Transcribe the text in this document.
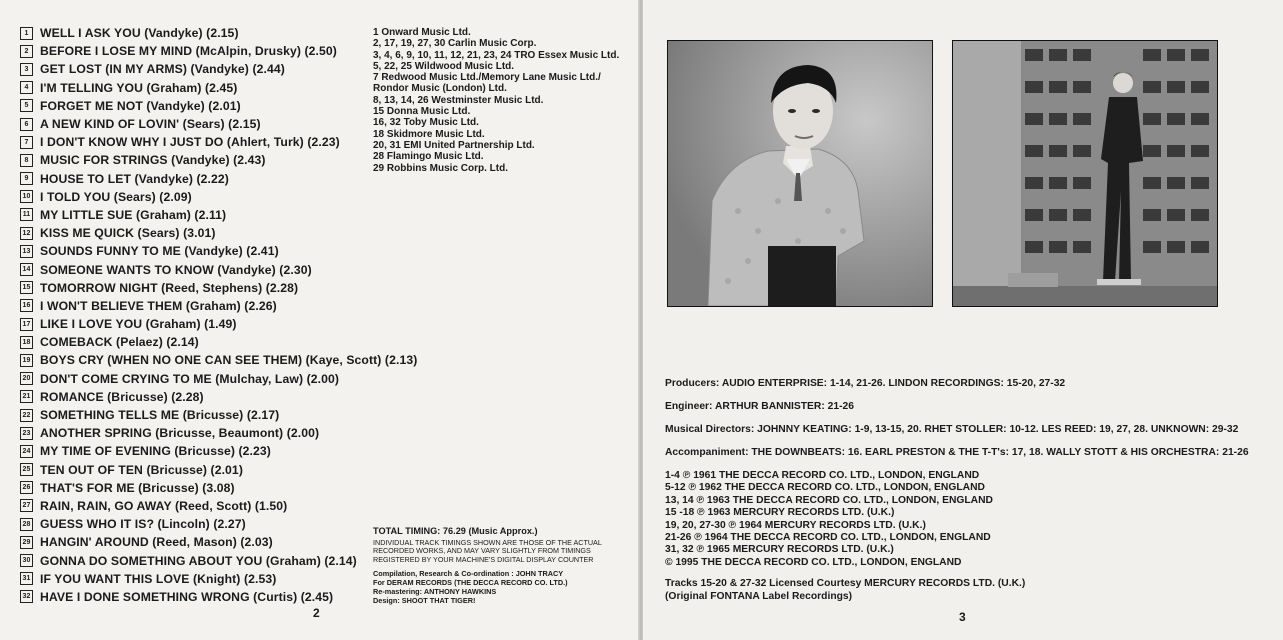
1 WELL I ASK YOU (Vandyke) (2.15)
2 BEFORE I LOSE MY MIND (McAlpin, Drusky) (2.50)
3 GET LOST (IN MY ARMS) (Vandyke) (2.44)
4 I'M TELLING YOU (Graham) (2.45)
5 FORGET ME NOT (Vandyke) (2.01)
6 A NEW KIND OF LOVIN' (Sears) (2.15)
7 I DON'T KNOW WHY I JUST DO (Ahlert, Turk) (2.23)
8 MUSIC FOR STRINGS (Vandyke) (2.43)
9 HOUSE TO LET (Vandyke) (2.22)
10 I TOLD YOU (Sears) (2.09)
11 MY LITTLE SUE (Graham) (2.11)
12 KISS ME QUICK (Sears) (3.01)
13 SOUNDS FUNNY TO ME (Vandyke) (2.41)
14 SOMEONE WANTS TO KNOW (Vandyke) (2.30)
15 TOMORROW NIGHT (Reed, Stephens) (2.28)
16 I WON'T BELIEVE THEM (Graham) (2.26)
17 LIKE I LOVE YOU (Graham) (1.49)
18 COMEBACK (Pelaez) (2.14)
19 BOYS CRY (WHEN NO ONE CAN SEE THEM) (Kaye, Scott) (2.13)
20 DON'T COME CRYING TO ME (Mulchay, Law) (2.00)
21 ROMANCE (Bricusse) (2.28)
22 SOMETHING TELLS ME (Bricusse) (2.17)
23 ANOTHER SPRING (Bricusse, Beaumont) (2.00)
24 MY TIME OF EVENING (Bricusse) (2.23)
25 TEN OUT OF TEN (Bricusse) (2.01)
26 THAT'S FOR ME (Bricusse) (3.08)
27 RAIN, RAIN, GO AWAY (Reed, Scott) (1.50)
28 GUESS WHO IT IS? (Lincoln) (2.27)
29 HANGIN' AROUND (Reed, Mason) (2.03)
30 GONNA DO SOMETHING ABOUT YOU (Graham) (2.14)
31 IF YOU WANT THIS LOVE (Knight) (2.53)
32 HAVE I DONE SOMETHING WRONG (Curtis) (2.45)
1 Onward Music Ltd.
2, 17, 19, 27, 30 Carlin Music Corp.
3, 4, 6, 9, 10, 11, 12, 21, 23, 24 TRO Essex Music Ltd.
5, 22, 25 Wildwood Music Ltd.
7 Redwood Music Ltd./Memory Lane Music Ltd./
Rondor Music (London) Ltd.
8, 13, 14, 26 Westminster Music Ltd.
15 Donna Music Ltd.
16, 32 Toby Music Ltd.
18 Skidmore Music Ltd.
20, 31 EMI United Partnership Ltd.
28 Flamingo Music Ltd.
29 Robbins Music Corp. Ltd.
TOTAL TIMING: 76.29 (Music Approx.)
INDIVIDUAL TRACK TIMINGS SHOWN ARE THOSE OF THE ACTUAL RECORDED WORKS, AND MAY VARY SLIGHTLY FROM TIMINGS REGISTERED BY YOUR MACHINE'S DIGITAL DISPLAY COUNTER
Compilation, Research & Co-ordination : JOHN TRACY
For DERAM RECORDS (THE DECCA RECORD CO. LTD.)
Re-mastering: ANTHONY HAWKINS
Design: SHOOT THAT TIGER!
2
Producers: AUDIO ENTERPRISE: 1-14, 21-26. LINDON RECORDINGS: 15-20, 27-32
Engineer: ARTHUR BANNISTER: 21-26
Musical Directors: JOHNNY KEATING: 1-9, 13-15, 20. RHET STOLLER: 10-12. LES REED: 19, 27, 28. UNKNOWN: 29-32
Accompaniment: THE DOWNBEATS: 16. EARL PRESTON & THE T-T's: 17, 18. WALLY STOTT & HIS ORCHESTRA: 21-26
1-4 ℗ 1961 THE DECCA RECORD CO. LTD., LONDON, ENGLAND
5-12 ℗ 1962 THE DECCA RECORD CO. LTD., LONDON, ENGLAND
13, 14 ℗ 1963 THE DECCA RECORD CO. LTD., LONDON, ENGLAND
15 -18 ℗ 1963 MERCURY RECORDS LTD. (U.K.)
19, 20, 27-30 ℗ 1964 MERCURY RECORDS LTD. (U.K.)
21-26 ℗ 1964 THE DECCA RECORD CO. LTD., LONDON, ENGLAND
31, 32 ℗ 1965 MERCURY RECORDS LTD. (U.K.)
© 1995 THE DECCA RECORD CO. LTD., LONDON, ENGLAND
Tracks 15-20 & 27-32 Licensed Courtesy MERCURY RECORDS LTD. (U.K.)
(Original FONTANA Label Recordings)
3
